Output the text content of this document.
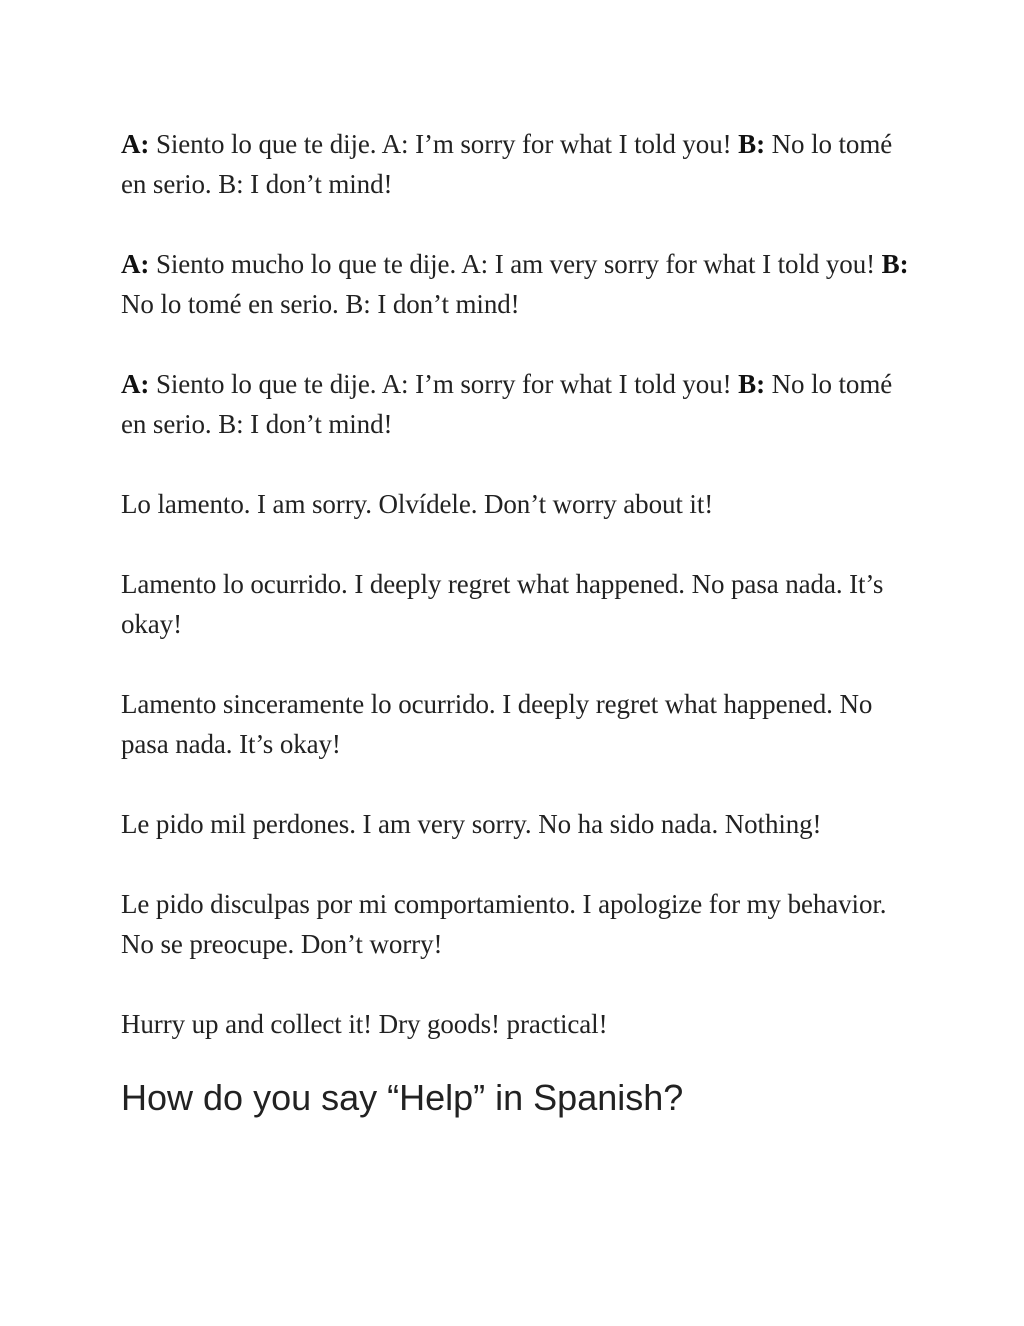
A: Siento lo que te dije. A: I’m sorry for what I told you! B: No lo tomé en serio. B: I don’t mind!

A: Siento mucho lo que te dije. A: I am very sorry for what I told you! B: No lo tomé en serio. B: I don’t mind!

A: Siento lo que te dije. A: I’m sorry for what I told you! B: No lo tomé en serio. B: I don’t mind!

Lo lamento. I am sorry. Olvídele. Don’t worry about it!

Lamento lo ocurrido. I deeply regret what happened. No pasa nada. It’s okay!

Lamento sinceramente lo ocurrido. I deeply regret what happened. No pasa nada. It’s okay!

Le pido mil perdones. I am very sorry. No ha sido nada. Nothing!

Le pido disculpas por mi comportamiento. I apologize for my behavior. No se preocupe. Don’t worry!

Hurry up and collect it! Dry goods! practical!

How do you say “Help” in Spanish?
